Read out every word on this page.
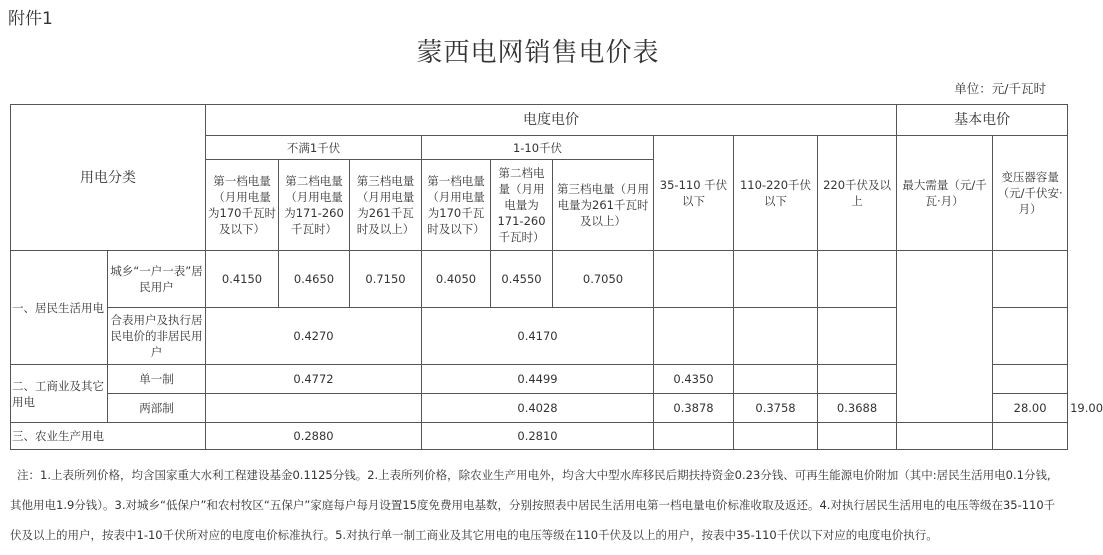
附件1
蒙西电网销售电价表
单位：元/千瓦时
用电分类		电度电价									基本电价		
		不满1千伏			1-10千伏			35-110 千伏以下	110-220千伏以下	220千伏及以上	最大需量（元/千瓦·月）	变压器容量（元/千伏安·月）	
		第一档电量（月用电量为170千瓦时及以下）	第二档电量（月用电量为171-260千瓦时）	第三档电量（月用电量为261千瓦时及以上）	第一档电量（月用电量为170千瓦时及以下）	第二档电量（月用电量为171-260千瓦时）	第三档电量（月用电量为261千瓦时及以上）						
一、居民生活用电	城乡“一户一表”居民用户	0.4150	0.4650	0.7150	0.4050	0.4550	0.7050						
	合表用户及执行居民电价的非居民用户	0.4270			0.4170								
二、工商业及其它用电	单一制	0.4772			0.4499			0.4350					
	两部制				0.4028			0.3878	0.3758	0.3688		28.00	19.00
三、农业生产用电		0.2880			0.2810								
注：1.上表所列价格，均含国家重大水利工程建设基金0.1125分钱。2.上表所列价格，除农业生产用电外，均含大中型水库移民后期扶持资金0.23分钱、可再生能源电价附加（其中:居民生活用电0.1分钱,其他用电1.9分钱）。3.对城乡“低保户”和农村牧区“五保户”家庭每户每月设置15度免费用电基数，分别按照表中居民生活用电第一档电量电价标准收取及返还。4.对执行居民生活用电的电压等级在35-110千伏及以上的用户，按表中1-10千伏所对应的电度电价标准执行。5.对执行单一制工商业及其它用电的电压等级在110千伏及以上的用户，按表中35-110千伏以下对应的电度电价执行。
